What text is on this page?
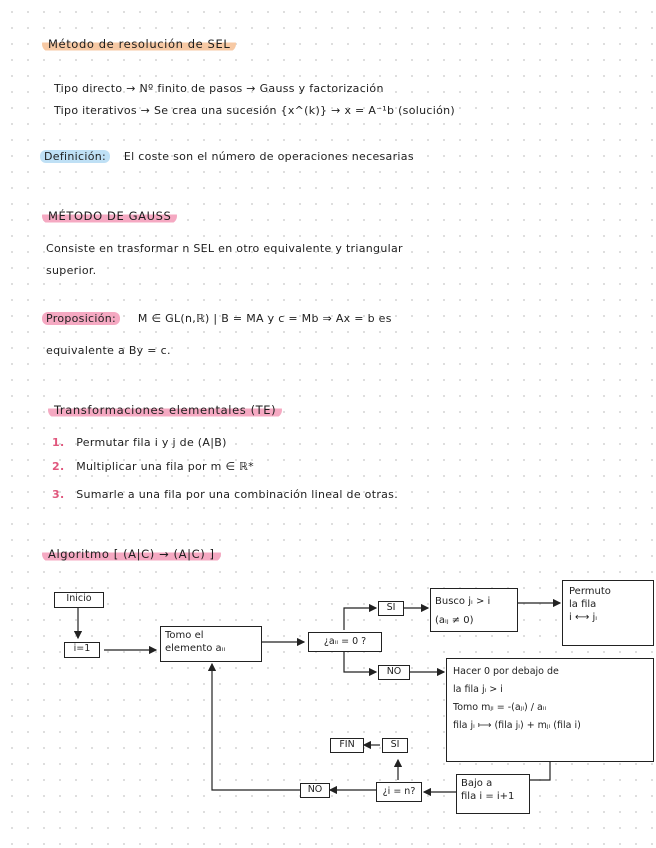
Método de resolución de SEL
Tipo directo → Nº finito de pasos → Gauss y factorización
Tipo iterativos → Se crea una sucesión {x^(k)} → x = A⁻¹b (solución)
Definición: El coste son el número de operaciones necesarias
MÉTODO DE GAUSS
Consiste en trasformar n SEL en otro equivalente y triangular
superior.
Proposición: M ∈ GL(n,ℝ) | B = MA y c = Mb ⇒ Ax = b es
equivalente a By = c.
Transformaciones elementales (TE)
1. Permutar fila i y j de (A|B)
2. Multiplicar una fila por m ∈ ℝ*
3. Sumarle a una fila por una combinación lineal de otras.
Algoritmo [ (A|C) → (A|C) ]
Inicio
i=1
Tomo el
elemento aᵢᵢ
¿aᵢᵢ = 0 ?
SI
Busco jᵢ > i
(aᵢⱼ ≠ 0)
Permuto
la fila
i ⟷ jᵢ
NO	Hacer 0 por debajo de
la fila jᵢ > i
Tomo mⱼᵢ = -(aⱼᵢ) / aᵢᵢ
fila jᵢ ⟼ (fila jᵢ) + mⱼᵢ (fila i)
Bajo a
fila i = i+1
¿i = n?
SI
FIN
NO
